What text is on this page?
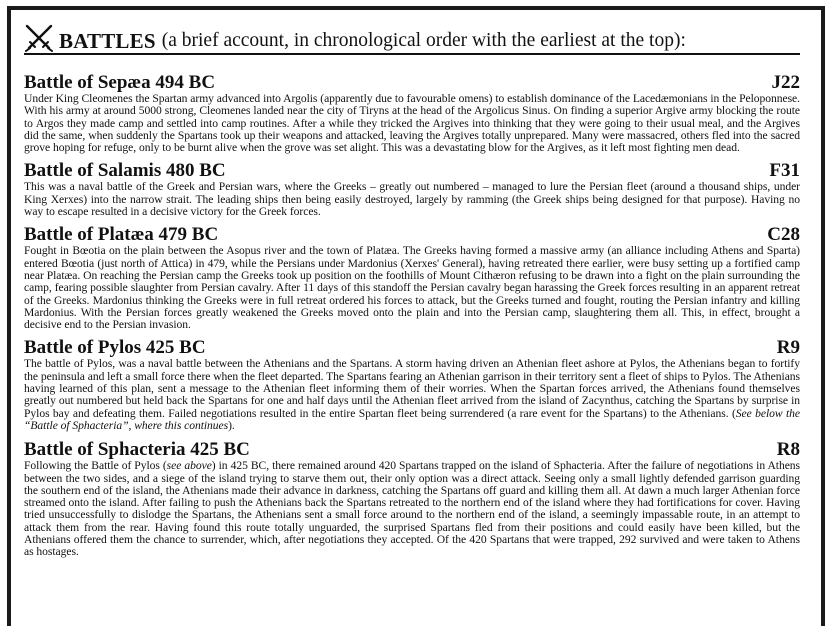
BATTLES (a brief account, in chronological order with the earliest at the top):
Battle of Sepæa 494 BC	J22

Under King Cleomenes the Spartan army advanced into Argolis (apparently due to favourable omens) to establish dominance of the Lacedæmonians in the Peloponnese. With his army at around 5000 strong, Cleomenes landed near the city of Tiryns at the head of the Argolicus Sinus. On finding a superior Argive army blocking the route to Argos they made camp and settled into camp routines. After a while they tricked the Argives into thinking that they were going to their usual meal, and the Argives did the same, when suddenly the Spartans took up their weapons and attacked, leaving the Argives totally unprepared. Many were massacred, others fled into the sacred grove hoping for refuge, only to be burnt alive when the grove was set alight. This was a devastating blow for the Argives, as it left most fighting men dead.

Battle of Salamis 480 BC	F31

This was a naval battle of the Greek and Persian wars, where the Greeks – greatly out numbered – managed to lure the Persian fleet (around a thousand ships, under King Xerxes) into the narrow strait. The leading ships then being easily destroyed, largely by ramming (the Greek ships being designed for that purpose). Having no way to escape resulted in a decisive victory for the Greek forces.

Battle of Platæa 479 BC	C28

Fought in Bœotia on the plain between the Asopus river and the town of Platæa. The Greeks having formed a massive army (an alliance including Athens and Sparta) entered Bœotia (just north of Attica) in 479, while the Persians under Mardonius (Xerxes' General), having retreated there earlier, were busy setting up a fortified camp near Platæa. On reaching the Persian camp the Greeks took up position on the foothills of Mount Cithæron refusing to be drawn into a fight on the plain surrounding the camp, fearing possible slaughter from Persian cavalry. After 11 days of this standoff the Persian cavalry began harassing the Greek forces resulting in an apparent retreat of the Greeks. Mardonius thinking the Greeks were in full retreat ordered his forces to attack, but the Greeks turned and fought, routing the Persian infantry and killing Mardonius. With the Persian forces greatly weakened the Greeks moved onto the plain and into the Persian camp, slaughtering them all. This, in effect, brought a decisive end to the Persian invasion.

Battle of Pylos 425 BC	R9

The battle of Pylos, was a naval battle between the Athenians and the Spartans. A storm having driven an Athenian fleet ashore at Pylos, the Athenians began to fortify the peninsula and left a small force there when the fleet departed. The Spartans fearing an Athenian garrison in their territory sent a fleet of ships to Pylos. The Athenians having learned of this plan, sent a message to the Athenian fleet informing them of their worries. When the Spartan forces arrived, the Athenians found themselves greatly out numbered but held back the Spartans for one and half days until the Athenian fleet arrived from the island of Zacynthus, catching the Spartans by surprise in Pylos bay and defeating them. Failed negotiations resulted in the entire Spartan fleet being surrendered (a rare event for the Spartans) to the Athenians. (See below the “Battle of Sphacteria”, where this continues).

Battle of Sphacteria 425 BC	R8

Following the Battle of Pylos (see above) in 425 BC, there remained around 420 Spartans trapped on the island of Sphacteria. After the failure of negotiations in Athens between the two sides, and a siege of the island trying to starve them out, their only option was a direct attack. Seeing only a small lightly defended garrison guarding the southern end of the island, the Athenians made their advance in darkness, catching the Spartans off guard and killing them all. At dawn a much larger Athenian force streamed onto the island. After failing to push the Athenians back the Spartans retreated to the northern end of the island where they had fortifications for cover. Having tried unsuccessfully to dislodge the Spartans, the Athenians sent a small force around to the northern end of the island, a seemingly impassable route, in an attempt to attack them from the rear. Having found this route totally unguarded, the surprised Spartans fled from their positions and could easily have been killed, but the Athenians offered them the chance to surrender, which, after negotiations they accepted. Of the 420 Spartans that were trapped, 292 survived and were taken to Athens as hostages.
